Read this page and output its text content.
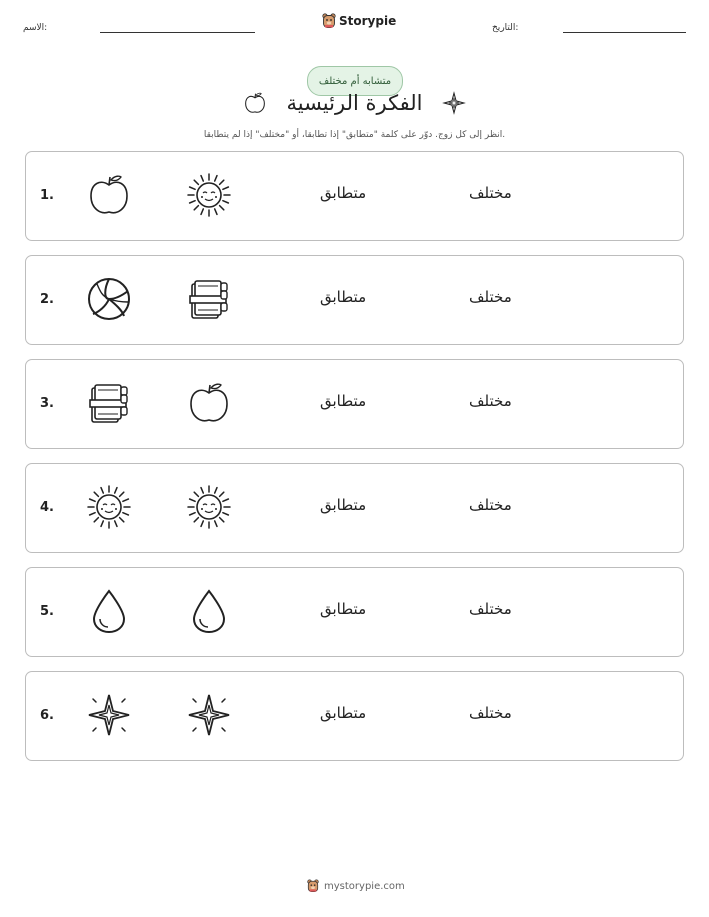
الاسم:	Storypie	التاريخ:
متشابه أم مختلف
الفكرة الرئيسية
انظر إلى كل زوج. دوّر على كلمة "متطابق" إذا تطابقا، أو "مختلف" إذا لم يتطابقا.
1.	متطابق	مختلف
2.	متطابق	مختلف
3.	متطابق	مختلف
4.	متطابق	مختلف
5.	متطابق	مختلف
6.	متطابق	مختلف
mystorypie.com
